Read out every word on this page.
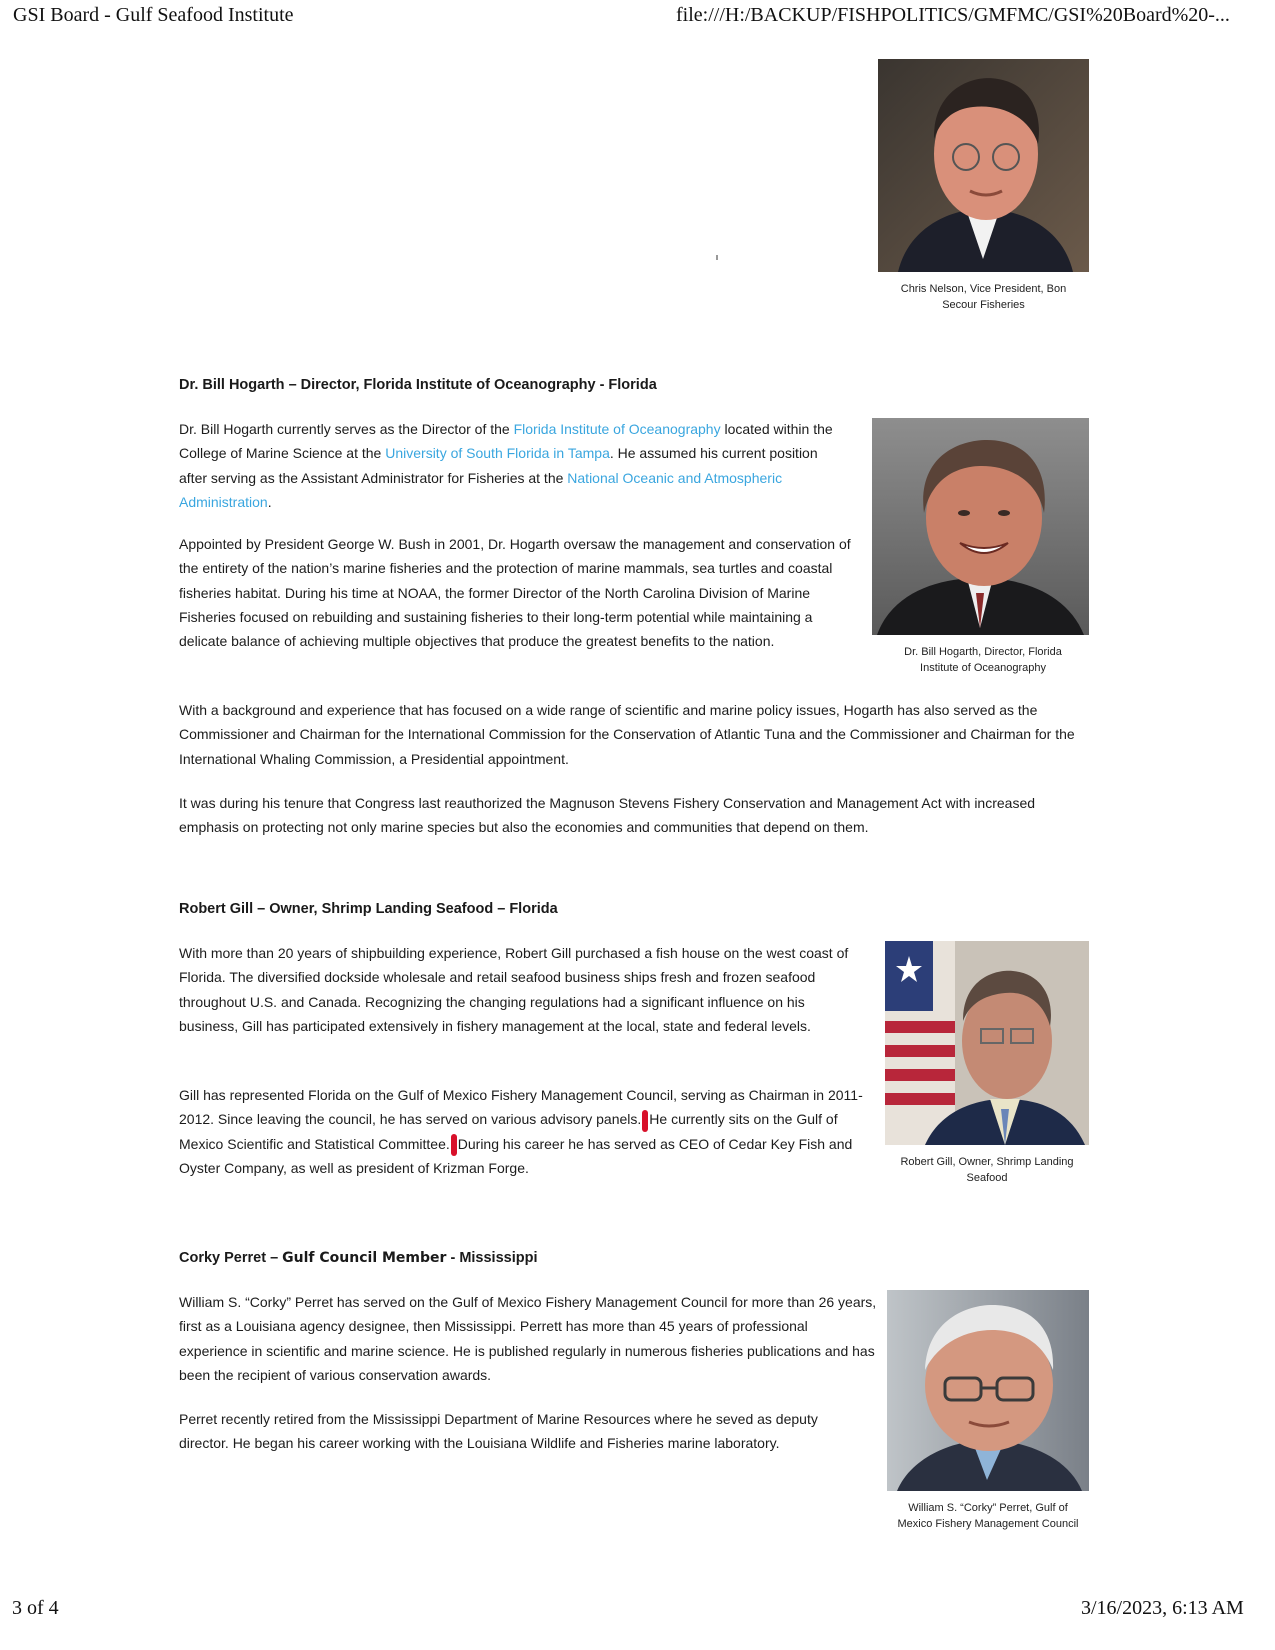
GSI Board - Gulf Seafood Institute	file:///H:/BACKUP/FISHPOLITICS/GMFMC/GSI%20Board%20-...
Chris Nelson, Vice President, Bon Secour Fisheries
Dr. Bill Hogarth – Director, Florida Institute of Oceanography - Florida

Dr. Bill Hogarth currently serves as the Director of the Florida Institute of Oceanography located within the College of Marine Science at the University of South Florida in Tampa. He assumed his current position after serving as the Assistant Administrator for Fisheries at the National Oceanic and Atmospheric Administration.

Appointed by President George W. Bush in 2001, Dr. Hogarth oversaw the management and conservation of the entirety of the nation’s marine fisheries and the protection of marine mammals, sea turtles and coastal fisheries habitat. During his time at NOAA, the former Director of the North Carolina Division of Marine Fisheries focused on rebuilding and sustaining fisheries to their long-term potential while maintaining a delicate balance of achieving multiple objectives that produce the greatest benefits to the nation.

Dr. Bill Hogarth, Director, Florida Institute of Oceanography

With a background and experience that has focused on a wide range of scientific and marine policy issues, Hogarth has also served as the Commissioner and Chairman for the International Commission for the Conservation of Atlantic Tuna and the Commissioner and Chairman for the International Whaling Commission, a Presidential appointment.

It was during his tenure that Congress last reauthorized the Magnuson Stevens Fishery Conservation and Management Act with increased emphasis on protecting not only marine species but also the economies and communities that depend on them.

Robert Gill – Owner, Shrimp Landing Seafood – Florida

With more than 20 years of shipbuilding experience, Robert Gill purchased a fish house on the west coast of Florida. The diversified dockside wholesale and retail seafood business ships fresh and frozen seafood throughout U.S. and Canada. Recognizing the changing regulations had a significant influence on his business, Gill has participated extensively in fishery management at the local, state and federal levels.

Gill has represented Florida on the Gulf of Mexico Fishery Management Council, serving as Chairman in 2011-2012. Since leaving the council, he has served on various advisory panels. He currently sits on the Gulf of Mexico Scientific and Statistical Committee. During his career he has served as CEO of Cedar Key Fish and Oyster Company, as well as president of Krizman Forge.	Robert Gill, Owner, Shrimp Landing Seafood
Corky Perret – Gulf Council Member - Mississippi

William S. “Corky” Perret has served on the Gulf of Mexico Fishery Management Council for more than 26 years, first as a Louisiana agency designee, then Mississippi. Perrett has more than 45 years of professional experience in scientific and marine science. He is published regularly in numerous fisheries publications and has been the recipient of various conservation awards.

Perret recently retired from the Mississippi Department of Marine Resources where he seved as deputy director. He began his career working with the Louisiana Wildlife and Fisheries marine laboratory.

William S. “Corky” Perret, Gulf of Mexico Fishery Management Council
3 of 4	3/16/2023, 6:13 AM
